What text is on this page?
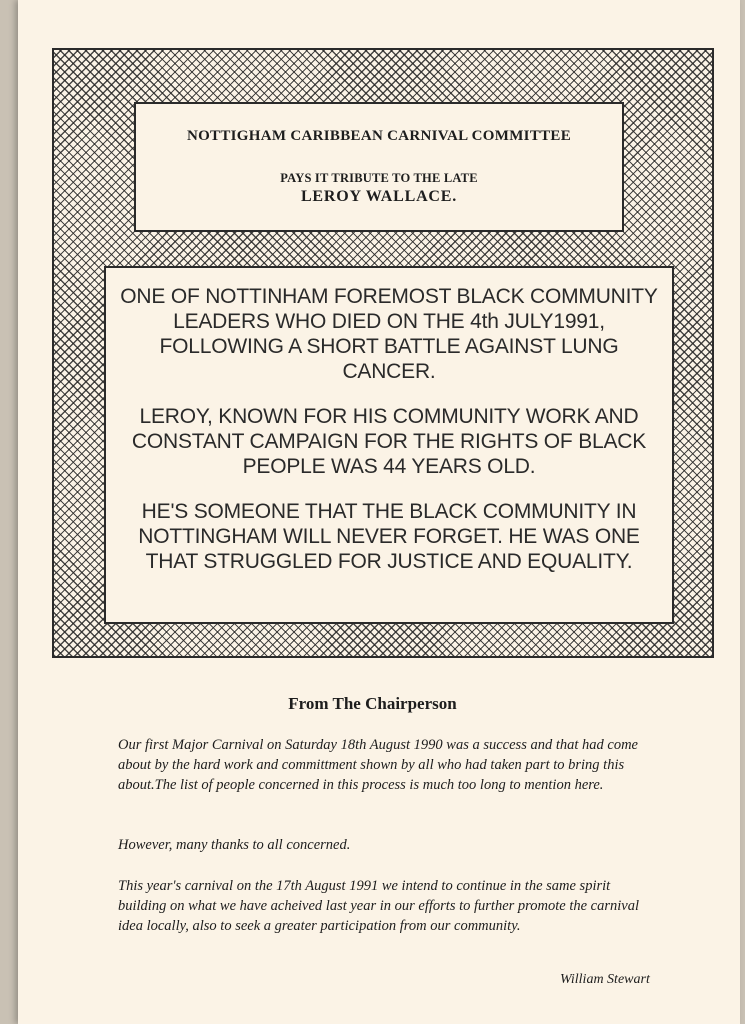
NOTTIGHAM CARIBBEAN CARNIVAL COMMITTEE
PAYS IT TRIBUTE TO THE LATE
LEROY WALLACE.

ONE OF NOTTINHAM FOREMOST BLACK COMMUNITY LEADERS WHO DIED ON THE 4th JULY1991, FOLLOWING A SHORT BATTLE AGAINST LUNG CANCER.

LEROY, KNOWN FOR HIS COMMUNITY WORK AND CONSTANT CAMPAIGN FOR THE RIGHTS OF BLACK PEOPLE WAS 44 YEARS OLD.

HE'S SOMEONE THAT THE BLACK COMMUNITY IN NOTTINGHAM WILL NEVER FORGET. HE WAS ONE THAT STRUGGLED FOR JUSTICE AND EQUALITY.

From The Chairperson
Our first Major Carnival on Saturday 18th August 1990 was a success and that had come about by the hard work and committment shown by all who had taken part to bring this about.The list of people concerned in this process is much too long to mention here.
However, many thanks to all concerned.
This year's carnival on the 17th August 1991 we intend to continue in the same spirit building on what we have acheived last year in our efforts to further promote the carnival idea locally, also to seek a greater participation from our community.
William Stewart
